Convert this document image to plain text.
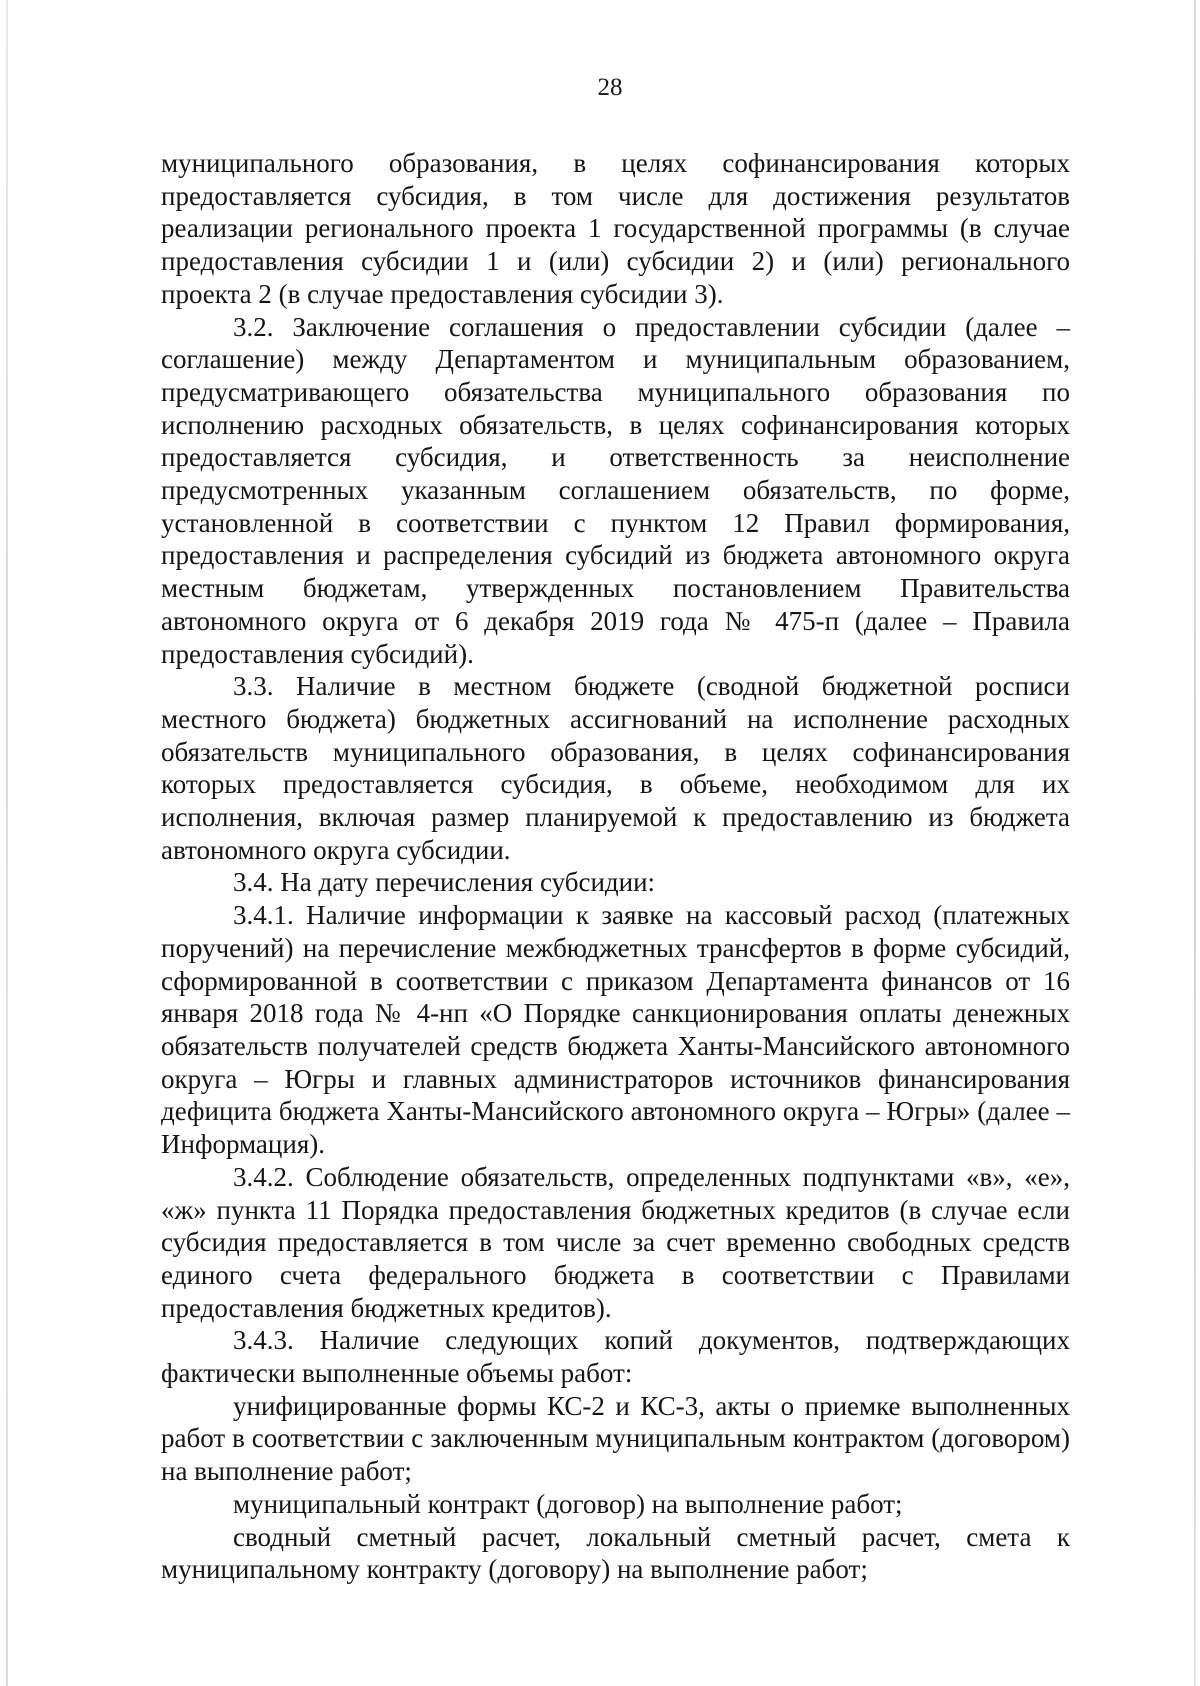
28

муниципального образования, в целях софинансирования которых предоставляется субсидия, в том числе для достижения результатов реализации регионального проекта 1 государственной программы (в случае предоставления субсидии 1 и (или) субсидии 2) и (или) регионального проекта 2 (в случае предоставления субсидии 3).

3.2. Заключение соглашения о предоставлении субсидии (далее – соглашение) между Департаментом и муниципальным образованием, предусматривающего обязательства муниципального образования по исполнению расходных обязательств, в целях софинансирования которых предоставляется субсидия, и ответственность за неисполнение предусмотренных указанным соглашением обязательств, по форме, установленной в соответствии с пунктом 12 Правил формирования, предоставления и распределения субсидий из бюджета автономного округа местным бюджетам, утвержденных постановлением Правительства автономного округа от 6 декабря 2019 года № 475-п (далее – Правила предоставления субсидий).

3.3. Наличие в местном бюджете (сводной бюджетной росписи местного бюджета) бюджетных ассигнований на исполнение расходных обязательств муниципального образования, в целях софинансирования которых предоставляется субсидия, в объеме, необходимом для их исполнения, включая размер планируемой к предоставлению из бюджета автономного округа субсидии.

3.4. На дату перечисления субсидии:

3.4.1. Наличие информации к заявке на кассовый расход (платежных поручений) на перечисление межбюджетных трансфертов в форме субсидий, сформированной в соответствии с приказом Департамента финансов от 16 января 2018 года № 4-нп «О Порядке санкционирования оплаты денежных обязательств получателей средств бюджета Ханты-Мансийского автономного округа – Югры и главных администраторов источников финансирования дефицита бюджета Ханты-Мансийского автономного округа – Югры» (далее – Информация).

3.4.2. Соблюдение обязательств, определенных подпунктами «в», «е», «ж» пункта 11 Порядка предоставления бюджетных кредитов (в случае если субсидия предоставляется в том числе за счет временно свободных средств единого счета федерального бюджета в соответствии с Правилами предоставления бюджетных кредитов).

3.4.3. Наличие следующих копий документов, подтверждающих фактически выполненные объемы работ:

унифицированные формы КС-2 и КС-3, акты о приемке выполненных работ в соответствии с заключенным муниципальным контрактом (договором) на выполнение работ;

муниципальный контракт (договор) на выполнение работ;

сводный сметный расчет, локальный сметный расчет, смета к муниципальному контракту (договору) на выполнение работ;
